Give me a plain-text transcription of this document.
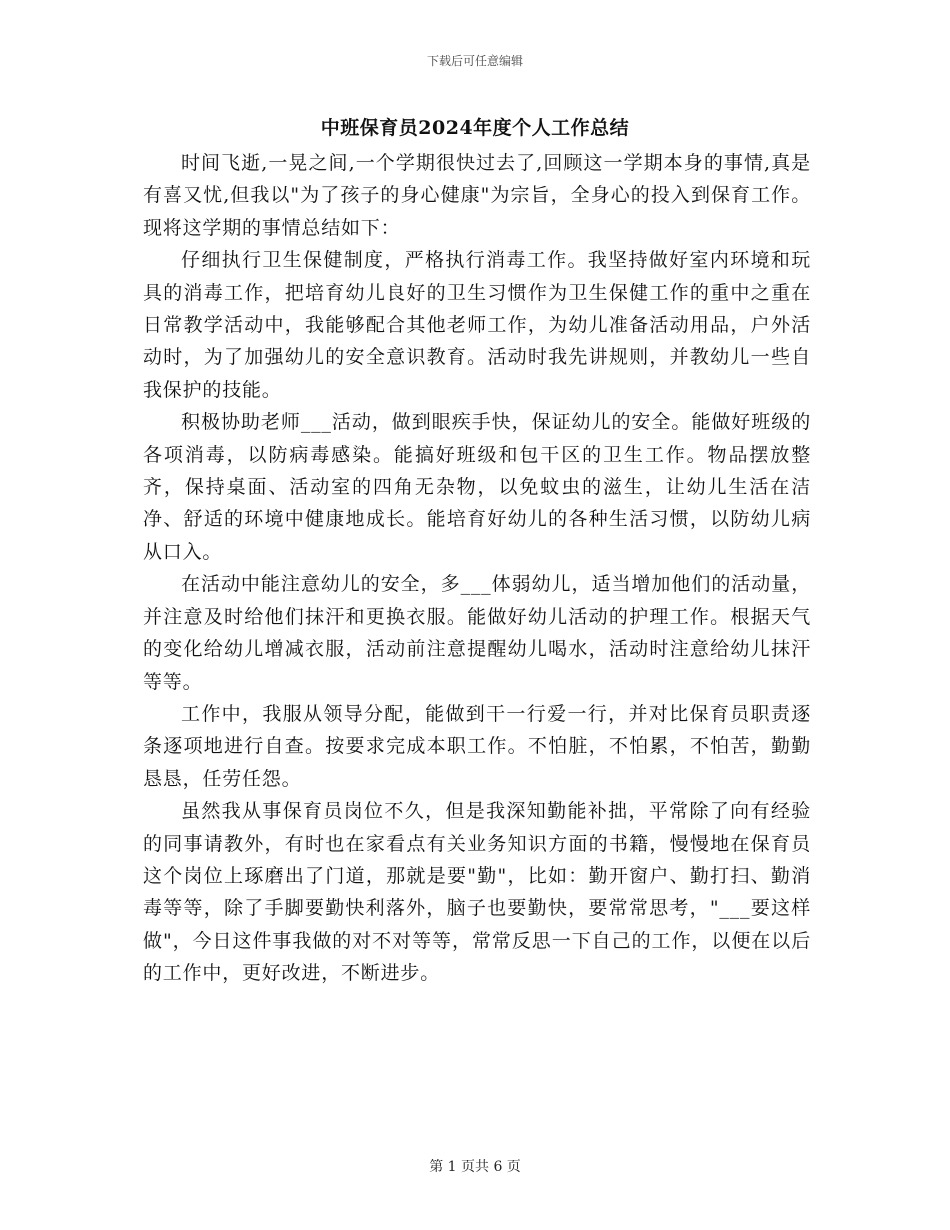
下载后可任意编辑
中班保育员2024年度个人工作总结

时间飞逝,一晃之间,一个学期很快过去了,回顾这一学期本身的事情,真是有喜又忧,但我以"为了孩子的身心健康"为宗旨，全身心的投入到保育工作。现将这学期的事情总结如下：

仔细执行卫生保健制度，严格执行消毒工作。我坚持做好室内环境和玩具的消毒工作，把培育幼儿良好的卫生习惯作为卫生保健工作的重中之重在日常教学活动中，我能够配合其他老师工作，为幼儿准备活动用品，户外活动时，为了加强幼儿的安全意识教育。活动时我先讲规则，并教幼儿一些自我保护的技能。

积极协助老师___活动，做到眼疾手快，保证幼儿的安全。能做好班级的各项消毒，以防病毒感染。能搞好班级和包干区的卫生工作。物品摆放整齐，保持桌面、活动室的四角无杂物，以免蚊虫的滋生，让幼儿生活在洁净、舒适的环境中健康地成长。能培育好幼儿的各种生活习惯，以防幼儿病从口入。

在活动中能注意幼儿的安全，多___体弱幼儿，适当增加他们的活动量，并注意及时给他们抹汗和更换衣服。能做好幼儿活动的护理工作。根据天气的变化给幼儿增减衣服，活动前注意提醒幼儿喝水，活动时注意给幼儿抹汗等等。

工作中，我服从领导分配，能做到干一行爱一行，并对比保育员职责逐条逐项地进行自查。按要求完成本职工作。不怕脏，不怕累，不怕苦，勤勤恳恳，任劳任怨。

虽然我从事保育员岗位不久，但是我深知勤能补拙，平常除了向有经验的同事请教外，有时也在家看点有关业务知识方面的书籍，慢慢地在保育员这个岗位上琢磨出了门道，那就是要"勤"，比如：勤开窗户、勤打扫、勤消毒等等，除了手脚要勤快利落外，脑子也要勤快，要常常思考，"___要这样做"，今日这件事我做的对不对等等，常常反思一下自己的工作，以便在以后的工作中，更好改进，不断进步。

第 1 页共 6 页
